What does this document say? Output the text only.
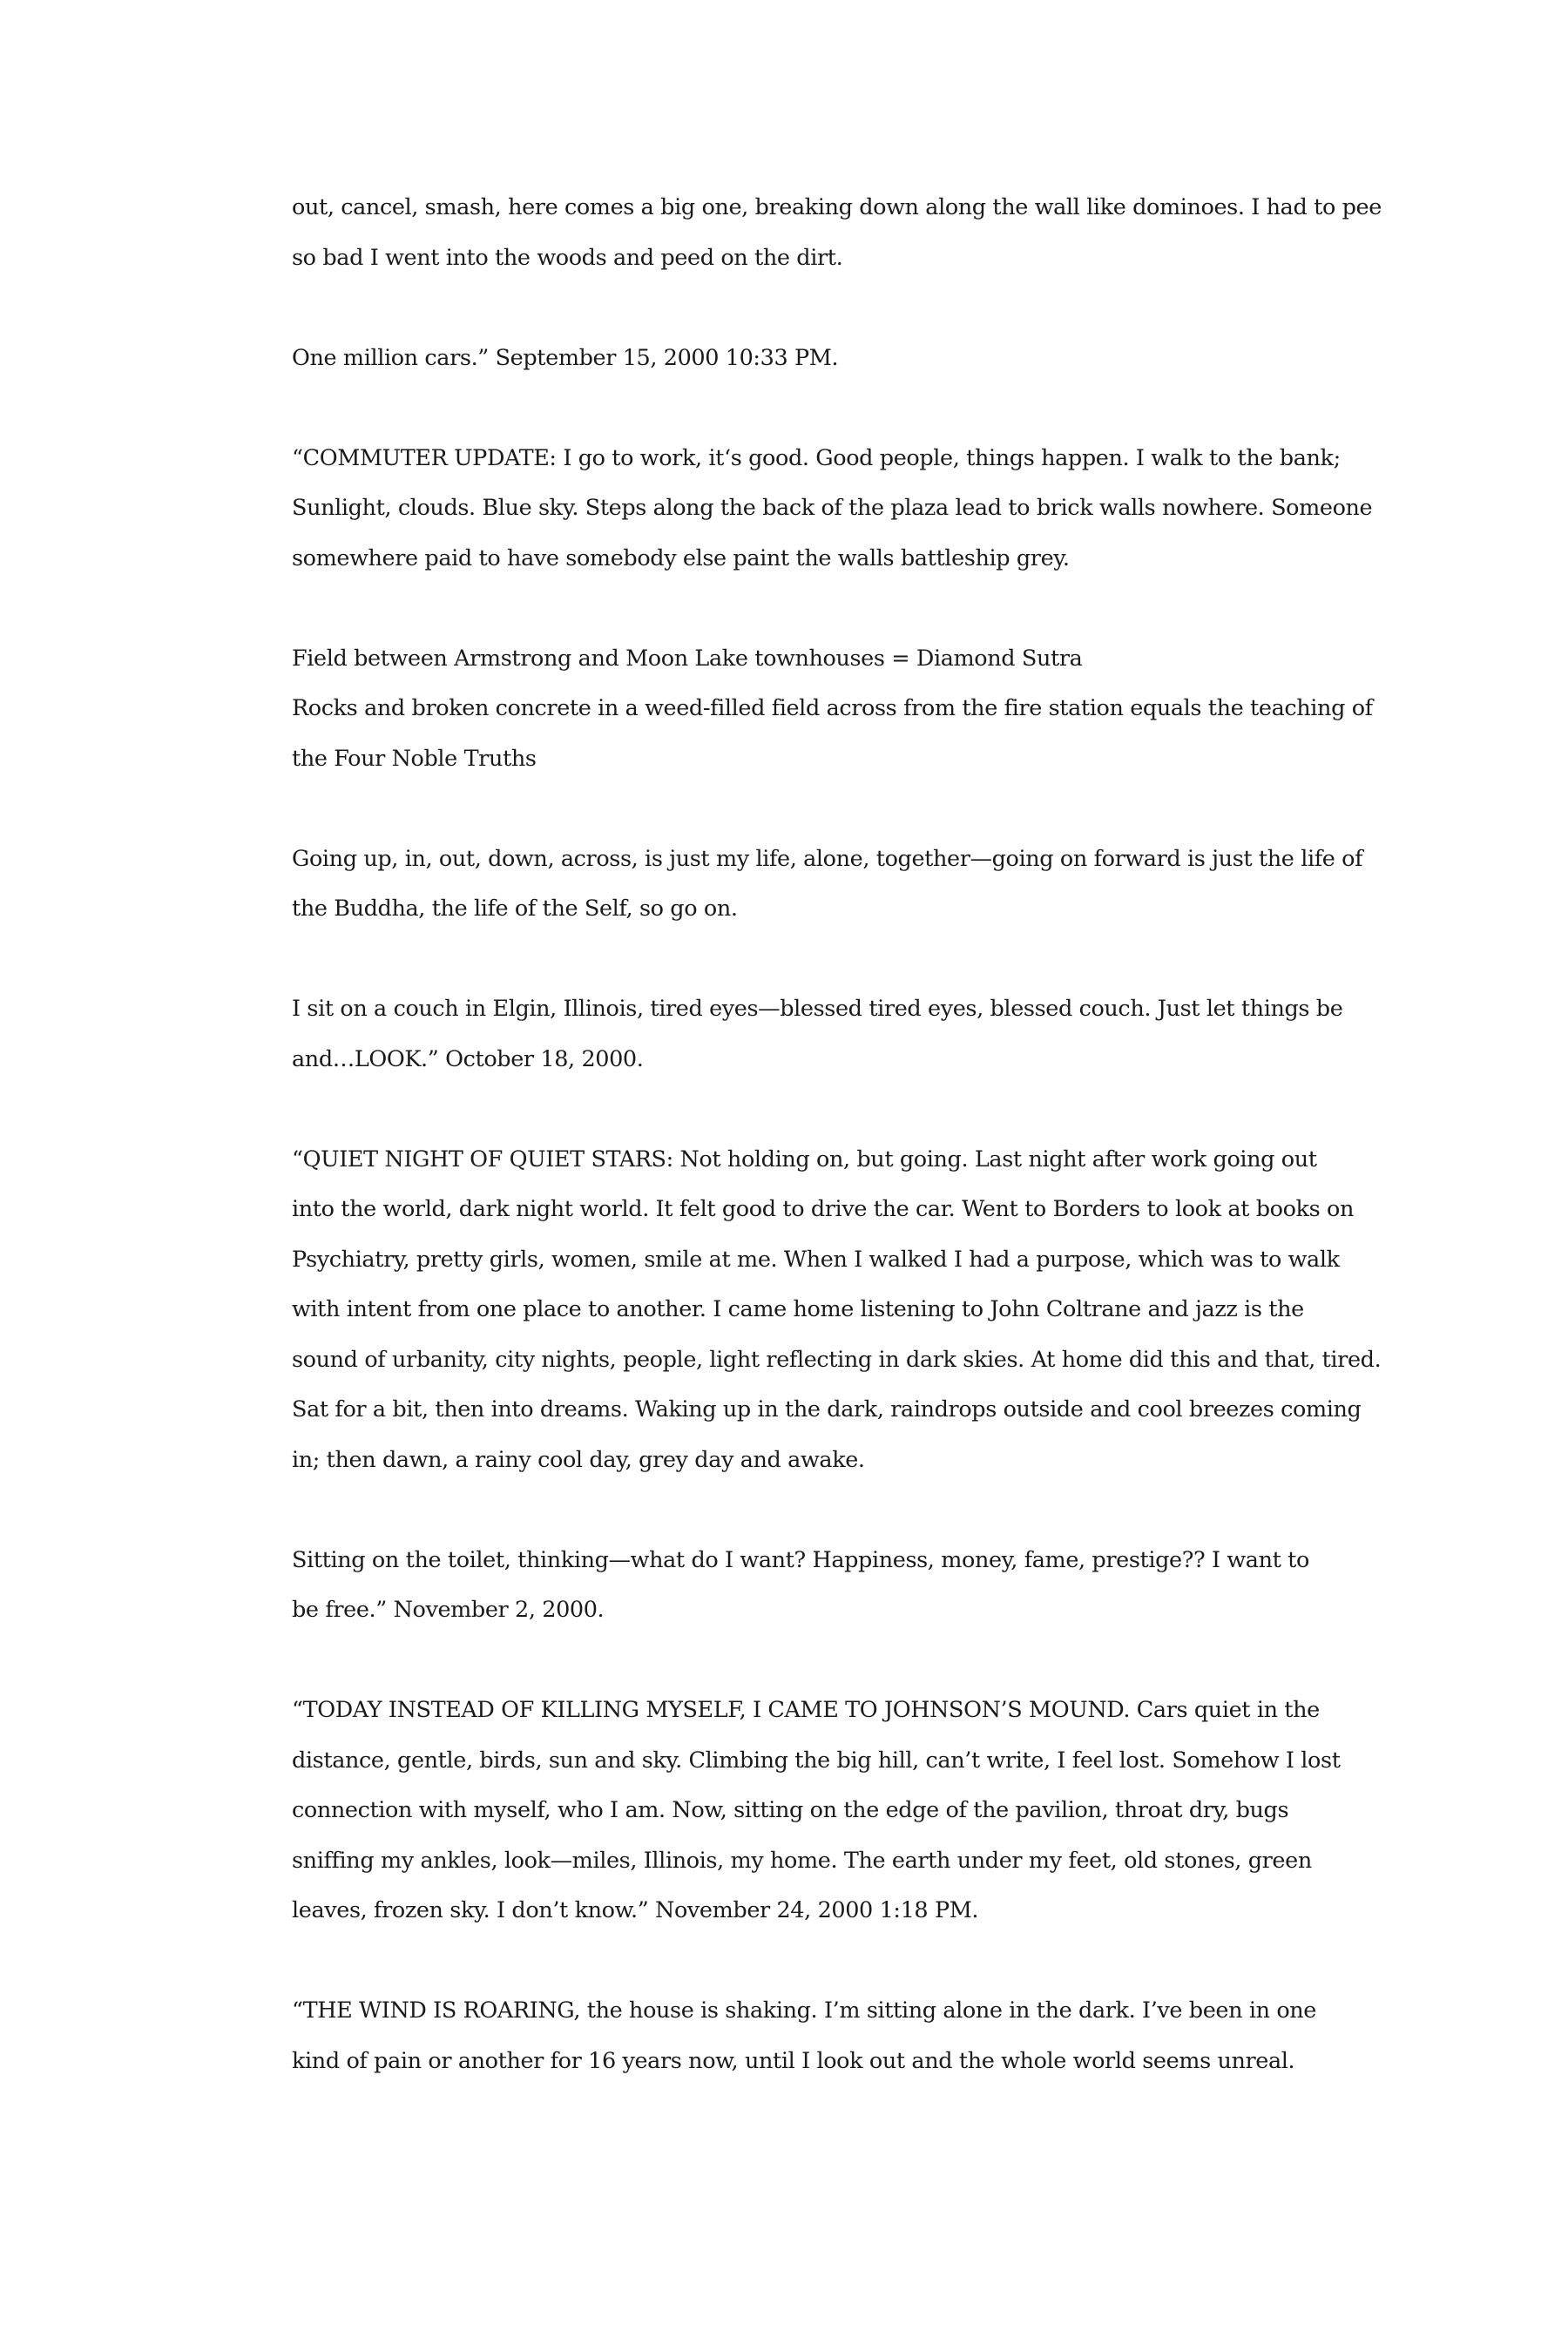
out, cancel, smash, here comes a big one, breaking down along the wall like dominoes. I had to pee
so bad I went into the woods and peed on the dirt.

One million cars.” September 15, 2000 10:33 PM.

“COMMUTER UPDATE: I go to work, it‘s good. Good people, things happen. I walk to the bank;
Sunlight, clouds. Blue sky. Steps along the back of the plaza lead to brick walls nowhere. Someone
somewhere paid to have somebody else paint the walls battleship grey.

Field between Armstrong and Moon Lake townhouses = Diamond Sutra

Rocks and broken concrete in a weed-filled field across from the fire station equals the teaching of
the Four Noble Truths

Going up, in, out, down, across, is just my life, alone, together—going on forward is just the life of
the Buddha, the life of the Self, so go on.

I sit on a couch in Elgin, Illinois, tired eyes—blessed tired eyes, blessed couch. Just let things be
and…LOOK.” October 18, 2000.

“QUIET NIGHT OF QUIET STARS: Not holding on, but going. Last night after work going out
into the world, dark night world. It felt good to drive the car. Went to Borders to look at books on
Psychiatry, pretty girls, women, smile at me. When I walked I had a purpose, which was to walk
with intent from one place to another. I came home listening to John Coltrane and jazz is the
sound of urbanity, city nights, people, light reflecting in dark skies. At home did this and that, tired.
Sat for a bit, then into dreams. Waking up in the dark, raindrops outside and cool breezes coming
in; then dawn, a rainy cool day, grey day and awake.

Sitting on the toilet, thinking—what do I want? Happiness, money, fame, prestige?? I want to
be free.” November 2, 2000.

“TODAY INSTEAD OF KILLING MYSELF, I CAME TO JOHNSON’S MOUND. Cars quiet in the
distance, gentle, birds, sun and sky. Climbing the big hill, can’t write, I feel lost. Somehow I lost
connection with myself, who I am. Now, sitting on the edge of the pavilion, throat dry, bugs
sniffing my ankles, look—miles, Illinois, my home. The earth under my feet, old stones, green
leaves, frozen sky. I don’t know.” November 24, 2000 1:18 PM.

“THE WIND IS ROARING, the house is shaking. I’m sitting alone in the dark. I’ve been in one
kind of pain or another for 16 years now, until I look out and the whole world seems unreal.
